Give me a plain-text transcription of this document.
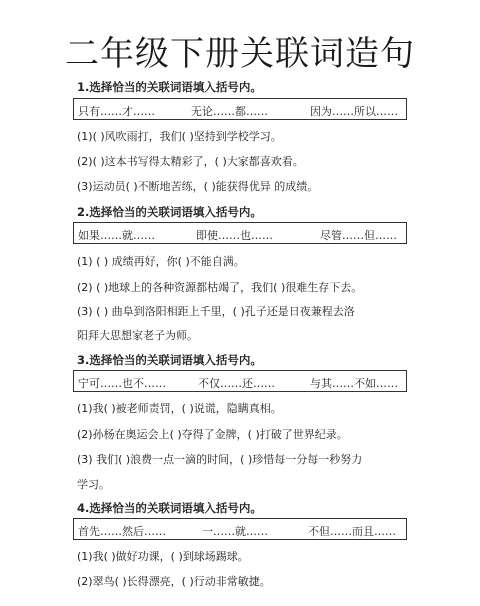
二年级下册关联词造句
1.选择恰当的关联词语填入括号内。
只有……才……	无论……都……	因为……所以……
(1)( )风吹雨打，我们( )坚持到学校学习。
(2)( )这本书写得太精彩了，( )大家都喜欢看。
(3)运动员( )不断地苦练，( )能获得优异 的成绩。
2.选择恰当的关联词语填入括号内。
如果……就……	即使……也……	尽管……但……
(1) ( ) 成绩再好，你( )不能自满。
(2) ( )地球上的各种资源都枯竭了，我们( )很难生存下去。
(3) ( ) 曲阜到洛阳相距上千里，( )孔子还是日夜兼程去洛
阳拜大思想家老子为师。
3.选择恰当的关联词语填入括号内。
宁可……也不……	不仅……还……	与其……不如……
(1)我( )被老师责罚，( )说谎，隐瞒真相。
(2)孙杨在奥运会上( )夺得了金牌，( )打破了世界纪录。
(3) 我们( )浪费一点一滴的时间，( )珍惜每一分每一秒努力
学习。
4.选择恰当的关联词语填入括号内。
首先……然后……	一……就……	不但……而且……
(1)我( )做好功课，( )到球场踢球。
(2)翠鸟( )长得漂亮，( )行动非常敏捷。
